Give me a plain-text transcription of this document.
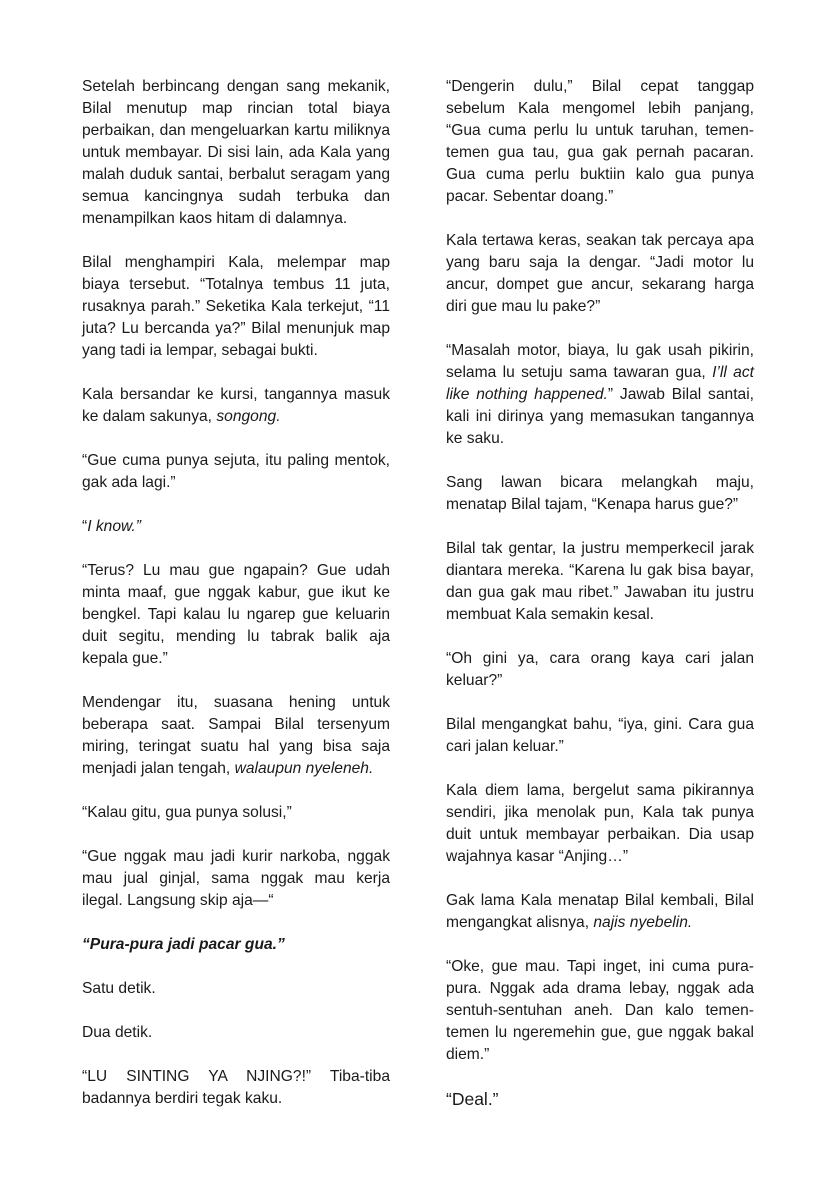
Setelah berbincang dengan sang mekanik, Bilal menutup map rincian total biaya perbaikan, dan mengeluarkan kartu miliknya untuk membayar. Di sisi lain, ada Kala yang malah duduk santai, berbalut seragam yang semua kancingnya sudah terbuka dan menampilkan kaos hitam di dalamnya.

Bilal menghampiri Kala, melempar map biaya tersebut. “Totalnya tembus 11 juta, rusaknya parah.” Seketika Kala terkejut, “11 juta? Lu bercanda ya?” Bilal menunjuk map yang tadi ia lempar, sebagai bukti.

Kala bersandar ke kursi, tangannya masuk ke dalam sakunya, songong.

“Gue cuma punya sejuta, itu paling mentok, gak ada lagi.”

“I know.”

“Terus? Lu mau gue ngapain? Gue udah minta maaf, gue nggak kabur, gue ikut ke bengkel. Tapi kalau lu ngarep gue keluarin duit segitu, mending lu tabrak balik aja kepala gue.”

Mendengar itu, suasana hening untuk beberapa saat. Sampai Bilal tersenyum miring, teringat suatu hal yang bisa saja menjadi jalan tengah, walaupun nyeleneh.

“Kalau gitu, gua punya solusi,”

“Gue nggak mau jadi kurir narkoba, nggak mau jual ginjal, sama nggak mau kerja ilegal. Langsung skip aja—“

“Pura-pura jadi pacar gua.”

Satu detik.

Dua detik.

“LU SINTING YA NJING?!” Tiba-tiba badannya berdiri tegak kaku.

“Dengerin dulu,” Bilal cepat tanggap sebelum Kala mengomel lebih panjang, “Gua cuma perlu lu untuk taruhan, temen-temen gua tau, gua gak pernah pacaran. Gua cuma perlu buktiin kalo gua punya pacar. Sebentar doang.”

Kala tertawa keras, seakan tak percaya apa yang baru saja Ia dengar. “Jadi motor lu ancur, dompet gue ancur, sekarang harga diri gue mau lu pake?”

“Masalah motor, biaya, lu gak usah pikirin, selama lu setuju sama tawaran gua, I’ll act like nothing happened.” Jawab Bilal santai, kali ini dirinya yang memasukan tangannya ke saku.

Sang lawan bicara melangkah maju, menatap Bilal tajam, “Kenapa harus gue?”

Bilal tak gentar, Ia justru memperkecil jarak diantara mereka. “Karena lu gak bisa bayar, dan gua gak mau ribet.” Jawaban itu justru membuat Kala semakin kesal.

“Oh gini ya, cara orang kaya cari jalan keluar?”

Bilal mengangkat bahu, “iya, gini. Cara gua cari jalan keluar.”

Kala diem lama, bergelut sama pikirannya sendiri, jika menolak pun, Kala tak punya duit untuk membayar perbaikan. Dia usap wajahnya kasar “Anjing…”

Gak lama Kala menatap Bilal kembali, Bilal mengangkat alisnya, najis nyebelin.

“Oke, gue mau. Tapi inget, ini cuma pura-pura. Nggak ada drama lebay, nggak ada sentuh-sentuhan aneh. Dan kalo temen-temen lu ngeremehin gue, gue nggak bakal diem.”

“Deal.”
